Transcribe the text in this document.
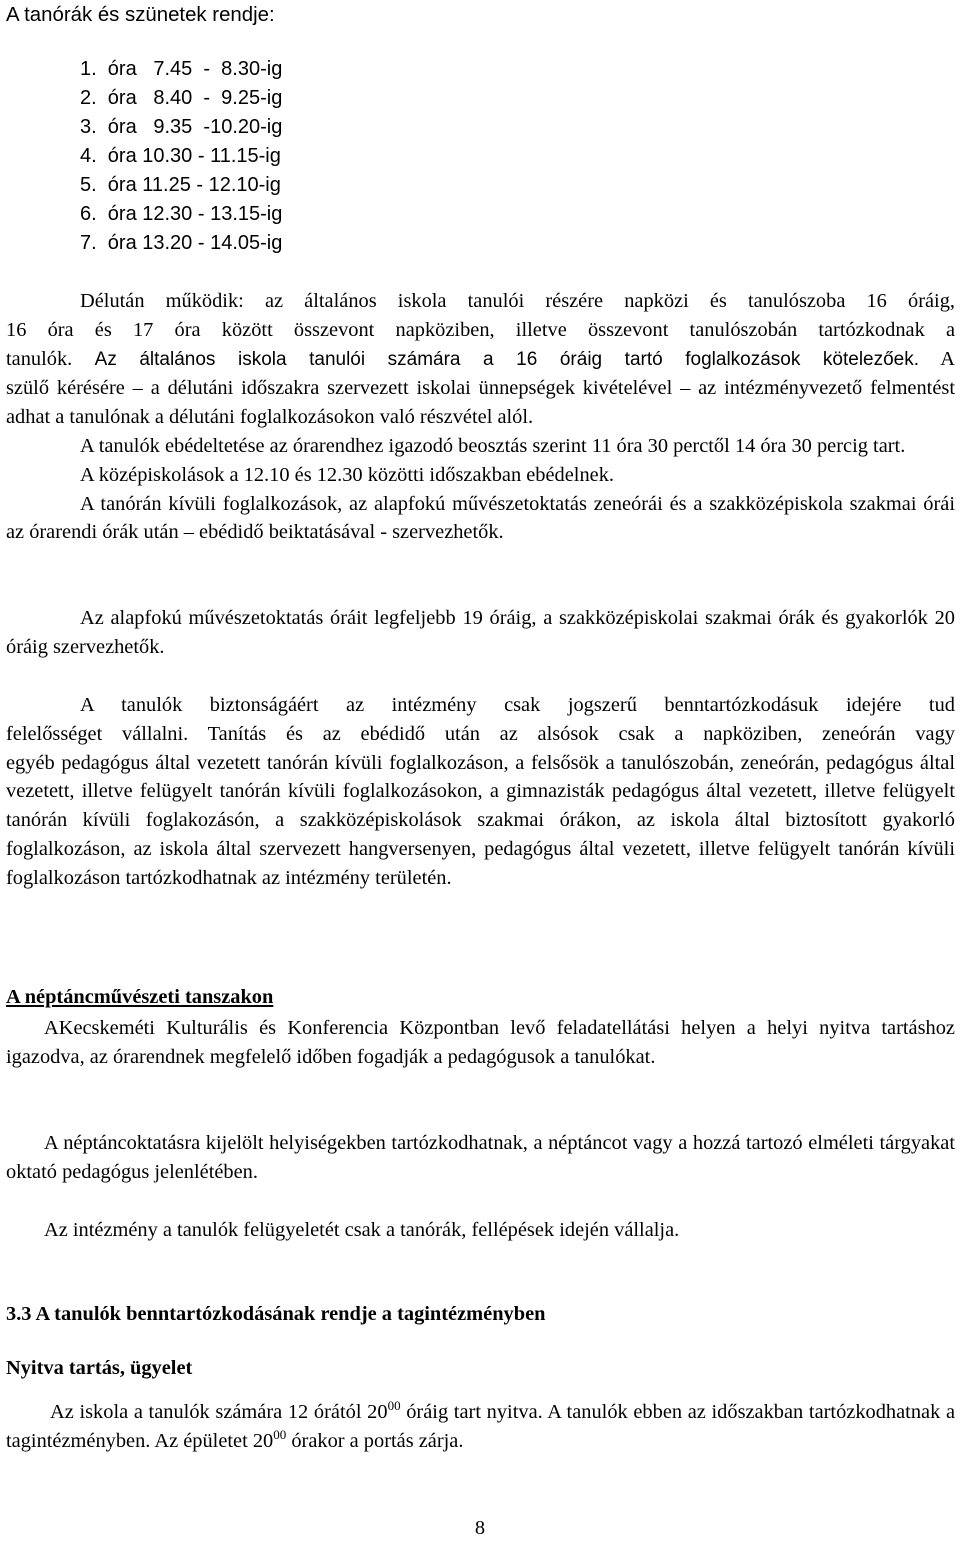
A tanórák és szünetek rendje:
1.  óra   7.45  -  8.30-ig
2.  óra   8.40  -  9.25-ig
3.  óra   9.35  -10.20-ig
4.  óra 10.30 - 11.15-ig
5.  óra 11.25 - 12.10-ig
6.  óra 12.30 - 13.15-ig
7.  óra 13.20 - 14.05-ig
Délután működik: az általános iskola tanulói részére napközi és tanulószoba 16 óráig,
16 óra és 17 óra között összevont napköziben, illetve összevont tanulószobán tartózkodnak a
tanulók. Az általános iskola tanulói számára a 16 óráig tartó foglalkozások kötelezőek. A

szülő kérésére – a délutáni időszakra szervezett iskolai ünnepségek kivételével – az intézményvezető felmentést adhat a tanulónak a délutáni foglalkozásokon való részvétel alól.

A tanulók ebédeltetése az órarendhez igazodó beosztás szerint 11 óra 30 perctől 14 óra 30 percig tart.

A középiskolások a 12.10 és 12.30 közötti időszakban ebédelnek.

A tanórán kívüli foglalkozások, az alapfokú művészetoktatás zeneórái és a szakközépiskola szakmai órái az órarendi órák után – ebédidő beiktatásával - szervezhetők.

Az alapfokú művészetoktatás óráit legfeljebb 19 óráig, a szakközépiskolai szakmai órák és gyakorlók 20 óráig szervezhetők.

A tanulók biztonságáért az intézmény csak jogszerű benntartózkodásuk idejére tud
felelősséget vállalni. Tanítás és az ebédidő után az alsósok csak a napköziben, zeneórán vagy

egyéb pedagógus által vezetett tanórán kívüli foglalkozáson, a felsősök a tanulószobán, zeneórán, pedagógus által vezetett, illetve felügyelt tanórán kívüli foglalkozásokon, a gimnazisták pedagógus által vezetett, illetve felügyelt tanórán kívüli foglakozásón, a szakközépiskolások szakmai órákon, az iskola által biztosított gyakorló foglalkozáson, az iskola által szervezett hangversenyen, pedagógus által vezetett, illetve felügyelt tanórán kívüli foglalkozáson tartózkodhatnak az intézmény területén.

A néptáncművészeti tanszakon

AKecskeméti Kulturális és Konferencia Központban levő feladatellátási helyen a helyi nyitva tartáshoz igazodva, az órarendnek megfelelő időben fogadják a pedagógusok a tanulókat.

A néptáncoktatásra kijelölt helyiségekben tartózkodhatnak, a néptáncot vagy a hozzá tartozó elméleti tárgyakat oktató pedagógus jelenlétében.

Az intézmény a tanulók felügyeletét csak a tanórák, fellépések idején vállalja.

3.3 A tanulók benntartózkodásának rendje a tagintézményben
Nyitva tartás, ügyelet

Az iskola a tanulók számára 12 órától $20^{00}$ óráig tart nyitva. A tanulók ebben az időszakban tartózkodhatnak a tagintézményben. Az épületet $20^{00}$ órakor a portás zárja.

8
